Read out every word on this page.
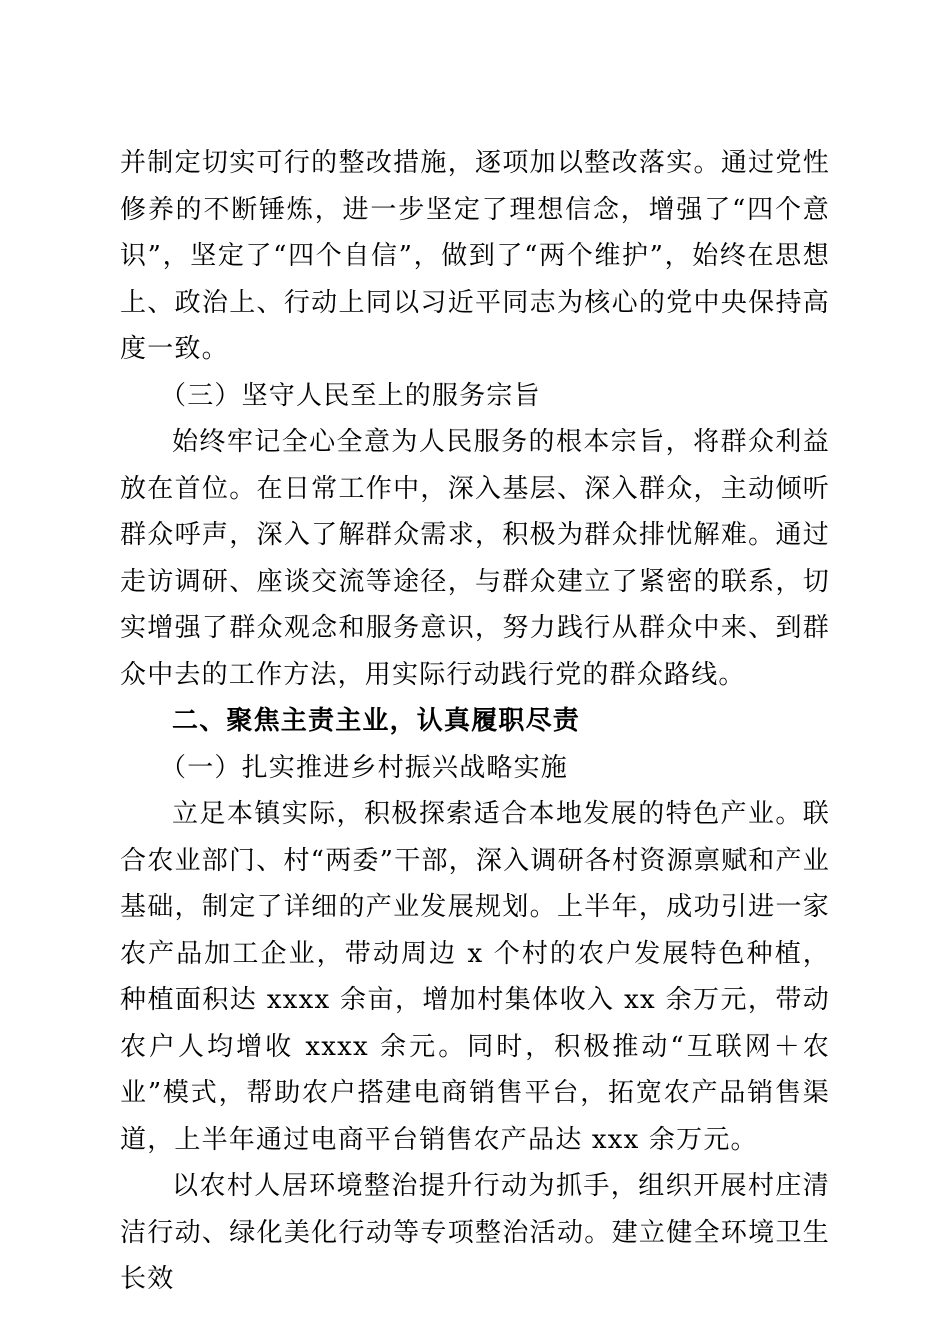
并制定切实可行的整改措施，逐项加以整改落实。通过党性修养的不断锤炼，进一步坚定了理想信念，增强了“四个意识”，坚定了“四个自信”，做到了“两个维护”，始终在思想上、政治上、行动上同以习近平同志为核心的党中央保持高度一致。

（三）坚守人民至上的服务宗旨

始终牢记全心全意为人民服务的根本宗旨，将群众利益放在首位。在日常工作中，深入基层、深入群众，主动倾听群众呼声，深入了解群众需求，积极为群众排忧解难。通过走访调研、座谈交流等途径，与群众建立了紧密的联系，切实增强了群众观念和服务意识，努力践行从群众中来、到群众中去的工作方法，用实际行动践行党的群众路线。

二、聚焦主责主业，认真履职尽责

（一）扎实推进乡村振兴战略实施

立足本镇实际，积极探索适合本地发展的特色产业。联合农业部门、村“两委”干部，深入调研各村资源禀赋和产业基础，制定了详细的产业发展规划。上半年，成功引进一家农产品加工企业，带动周边 x 个村的农户发展特色种植，种植面积达 xxxx 余亩，增加村集体收入 xx 余万元，带动农户人均增收 xxxx 余元。同时，积极推动“互联网＋农业”模式，帮助农户搭建电商销售平台，拓宽农产品销售渠道，上半年通过电商平台销售农产品达 xxx 余万元。

以农村人居环境整治提升行动为抓手，组织开展村庄清洁行动、绿化美化行动等专项整治活动。建立健全环境卫生长效
